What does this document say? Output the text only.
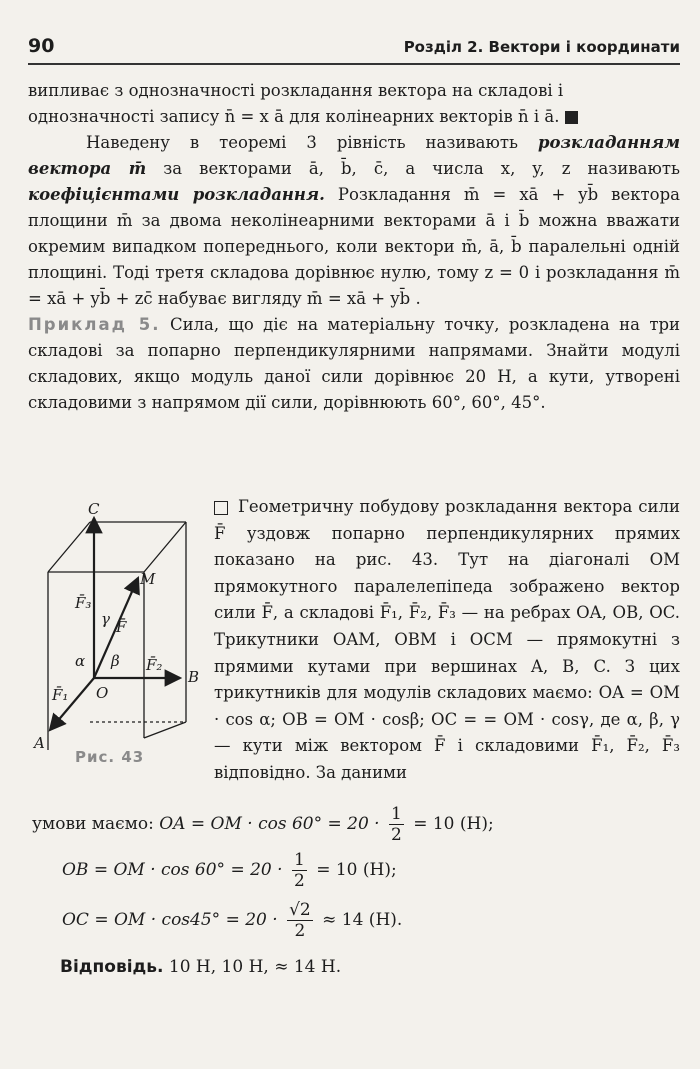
90	Розділ 2. Вектори і координати

випливає з однозначності розкладання вектора на складові і
однозначності запису n̄ = x ā для колінеарних векторів n̄ і ā.

Наведену в теоремі 3 рівність називають розкладанням вектора m̄ за векторами ā, b̄, c̄, а числа x, y, z називають коефіцієнтами розкладання. Розкладання m̄ = xā + yb̄ вектора площини m̄ за двома неколінеарними векторами ā і b̄ можна вважати окремим випадком попереднього, коли вектори m̄, ā, b̄ паралельні одній площині. Тоді третя складова дорівнює нулю, тому z = 0 і розкладання m̄ = xā + yb̄ + zc̄ набуває вигляду m̄ = xā + yb̄ .

Приклад 5. Сила, що діє на матеріальну точку, розкладена на три складові за попарно перпендикулярними напрямами. Знайти модулі складових, якщо модуль даної сили дорівнює 20 Н, а кути, утворені складовими з напрямом дії сили, дорівнюють 60°, 60°, 45°.

C
M
F̄₃
F̄
γ
α β F̄₂
B
F̄₁ O
A
Рис. 43
Геометричну побудову розкладання вектора сили F̄ уздовж попарно перпендикулярних прямих показано на рис. 43. Тут на діагоналі OM прямокутного паралелепіпеда зображено вектор сили F̄, а складові F̄₁, F̄₂, F̄₃ — на ребрах OA, OB, OC. Трикутники OAM, OBM і OCM — прямокутні з прямими кутами при вершинах A, B, C. З цих трикутників для модулів складових маємо: OA = OM · cos α; OB = OM · cosβ; OC = = OM · cosγ, де α, β, γ — кути між вектором F̄ і складовими F̄₁, F̄₂, F̄₃ відповідно. За даними
умови маємо: OA = OM · $\cos 60^\circ = 20 \cdot \frac{1}{2} = 10$ (Н);
OB = OM · $\cos 60^\circ = 20 \cdot \frac{1}{2} = 10$ (Н);
OC = OM · $\cos 45^\circ = 20 \cdot \frac{√2}{2} \approx 14$ (Н).
Відповідь. 10 Н, 10 Н, ≈ 14 Н.
